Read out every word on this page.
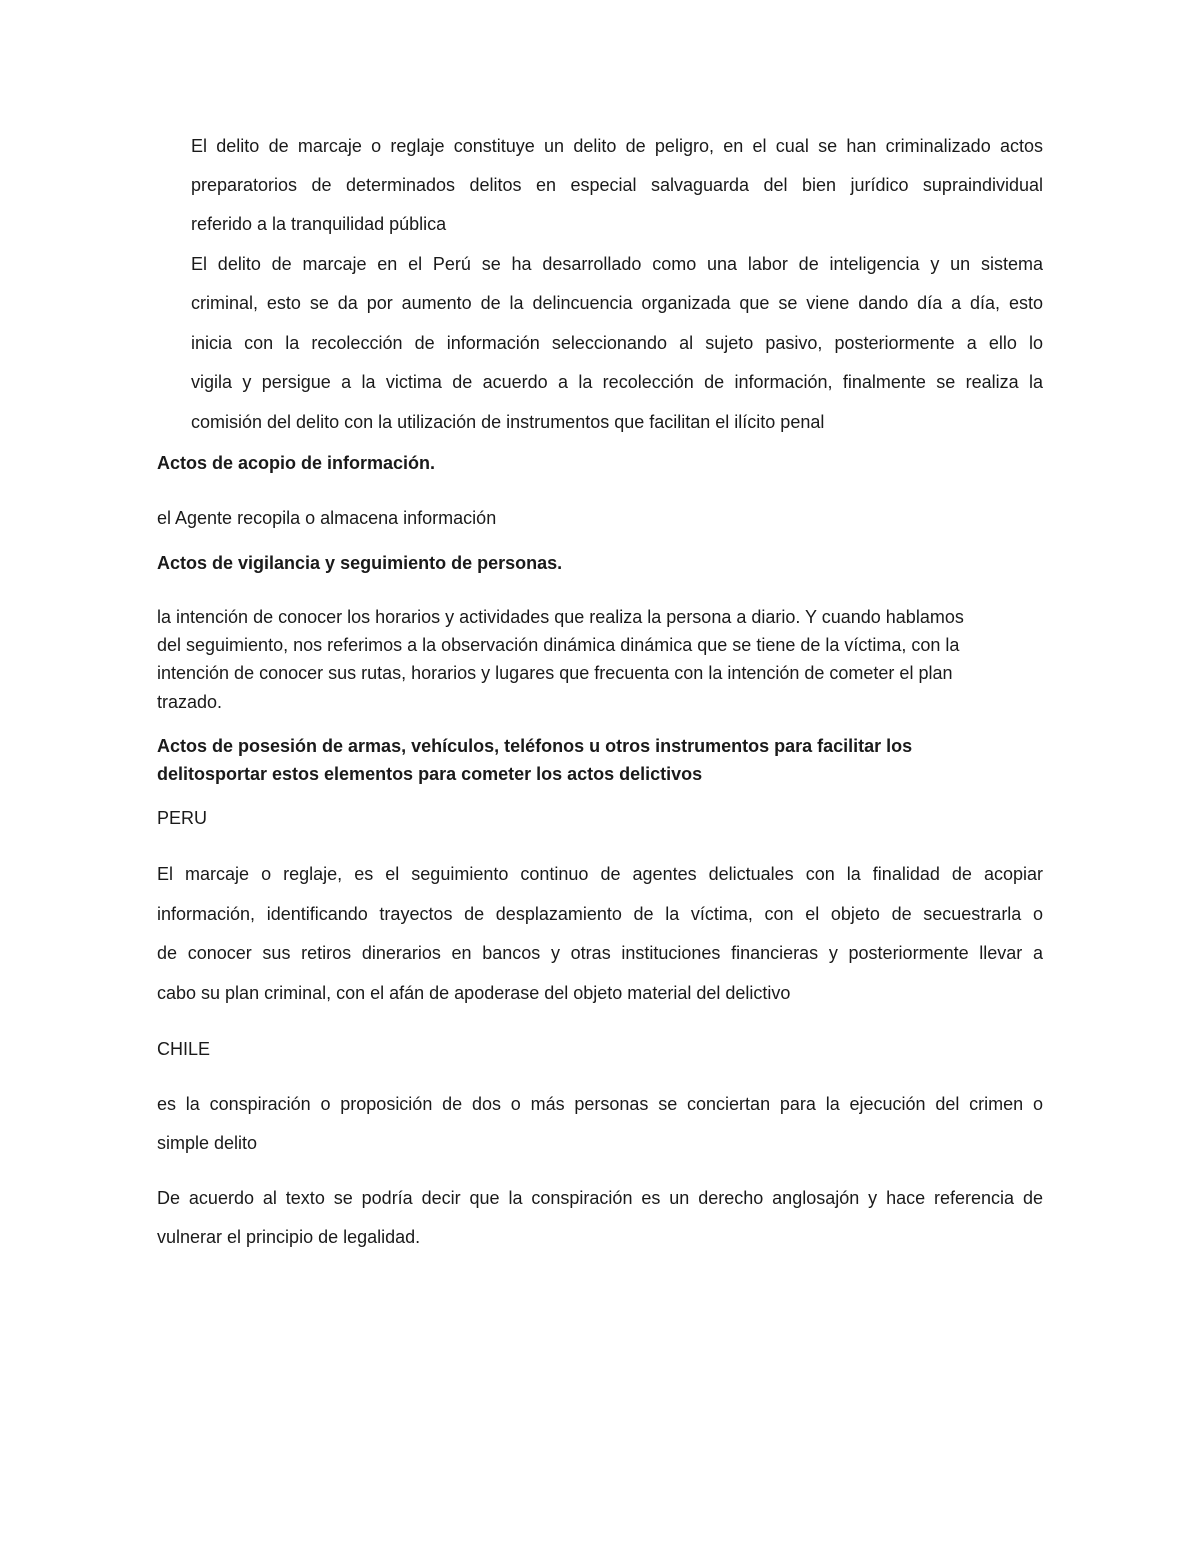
El delito de marcaje o reglaje constituye un delito de peligro, en el cual se han criminalizado actos
preparatorios de determinados delitos en especial salvaguarda del bien jurídico supraindividual
referido a la tranquilidad pública
El delito de marcaje en el Perú se ha desarrollado como una labor de inteligencia y un sistema
criminal, esto se da por aumento de la delincuencia organizada que se viene dando día a día, esto
inicia con la recolección de información seleccionando al sujeto pasivo, posteriormente a ello lo
vigila y persigue a la victima de acuerdo a la recolección de información, finalmente se realiza la
comisión del delito con la utilización de instrumentos que facilitan el ilícito penal
Actos de acopio de información.
el Agente recopila o almacena información
Actos de vigilancia y seguimiento de personas.
la intención de conocer los horarios y actividades que realiza la persona a diario. Y cuando hablamos
del seguimiento, nos referimos a la observación dinámica dinámica que se tiene de la víctima, con la
intención de conocer sus rutas, horarios y lugares que frecuenta con la intención de cometer el plan
trazado.
Actos de posesión de armas, vehículos, teléfonos u otros instrumentos para facilitar los
delitosportar estos elementos para cometer los actos delictivos
PERU
El marcaje o reglaje, es el seguimiento continuo de agentes delictuales con la finalidad de acopiar
información, identificando trayectos de desplazamiento de la víctima, con el objeto de secuestrarla o
de conocer sus retiros dinerarios en bancos y otras instituciones financieras y posteriormente llevar a
cabo su plan criminal, con el afán de apoderase del objeto material del delictivo
CHILE
es la conspiración o proposición de dos o más personas se conciertan para la ejecución del crimen o
simple delito
De acuerdo al texto se podría decir que la conspiración es un derecho anglosajón y hace referencia de
vulnerar el principio de legalidad.
